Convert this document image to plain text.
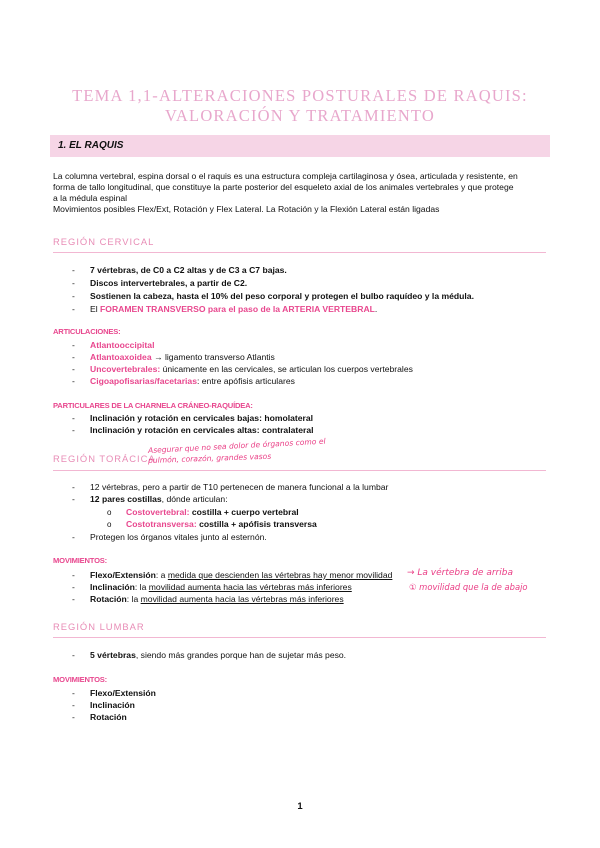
TEMA 1,1-ALTERACIONES POSTURALES DE RAQUIS:
VALORACIÓN Y TRATAMIENTO
1. EL RAQUIS
La columna vertebral, espina dorsal o el raquis es una estructura compleja cartilaginosa y ósea, articulada y resistente, en
forma de tallo longitudinal, que constituye la parte posterior del esqueleto axial de los animales vertebrales y que protege
a la médula espinal
Movimientos posibles Flex/Ext, Rotación y Flex Lateral. La Rotación y la Flexión Lateral están ligadas
REGIÓN CERVICAL
- 7 vértebras, de C0 a C2 altas y de C3 a C7 bajas.
- Discos intervertebrales, a partir de C2.
- Sostienen la cabeza, hasta el 10% del peso corporal y protegen el bulbo raquídeo y la médula.
- El FORAMEN TRANSVERSO para el paso de la ARTERIA VERTEBRAL.
ARTICULACIONES:
- Atlantooccipital
- Atlantoaxoidea → ligamento transverso Atlantis
- Uncovertebrales: únicamente en las cervicales, se articulan los cuerpos vertebrales
- Cigoapofisarias/facetarias: entre apófisis articulares
PARTICULARES DE LA CHARNELA CRÁNEO-RAQUÍDEA:
- Inclinación y rotación en cervicales bajas: homolateral
- Inclinación y rotación en cervicales altas: contralateral
REGIÓN TORÁCICA
Asegurar que no sea dolor de órganos como el
pulmón, corazón, grandes vasos
- 12 vértebras, pero a partir de T10 pertenecen de manera funcional a la lumbar
- 12 pares costillas, dónde articulan:
o Costovertebral: costilla + cuerpo vertebral
o Costotransversa: costilla + apófisis transversa
- Protegen los órganos vitales junto al esternón.
MOVIMIENTOS:
- Flexo/Extensión: a medida que descienden las vértebras hay menor movilidad
- Inclinación: la movilidad aumenta hacia las vértebras más inferiores
- Rotación: la movilidad aumenta hacia las vértebras más inferiores
→ La vértebra de arriba
① movilidad que la de abajo
REGIÓN LUMBAR
- 5 vértebras, siendo más grandes porque han de sujetar más peso.
MOVIMIENTOS:
- Flexo/Extensión
- Inclinación
- Rotación
1
